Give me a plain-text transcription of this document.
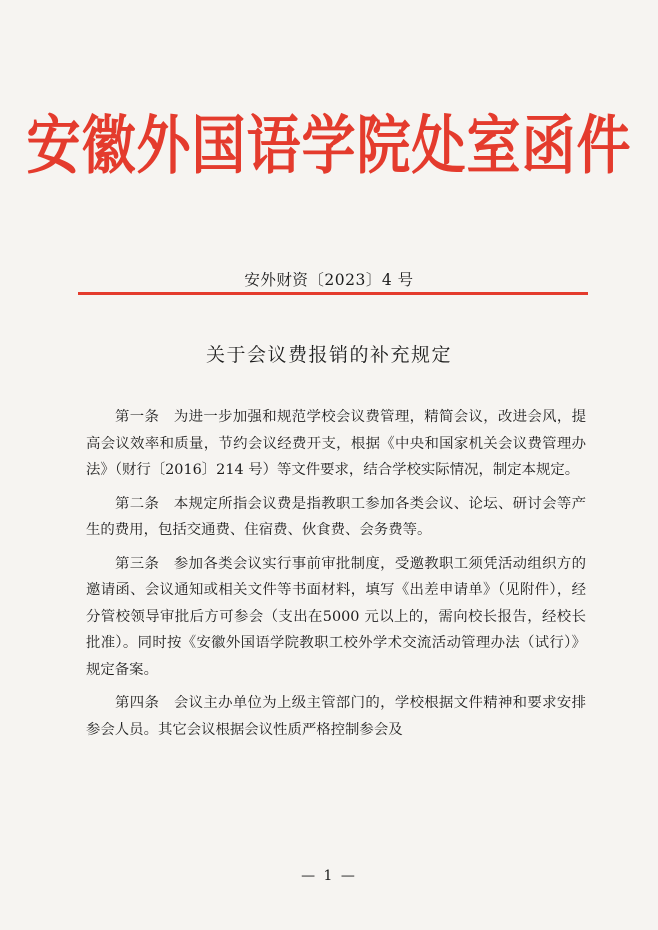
安徽外国语学院处室函件
安外财资〔2023〕4 号
关于会议费报销的补充规定

第一条　为进一步加强和规范学校会议费管理，精简会议，改进会风，提高会议效率和质量，节约会议经费开支，根据《中央和国家机关会议费管理办法》（财行〔2016〕214 号）等文件要求，结合学校实际情况，制定本规定。

第二条　本规定所指会议费是指教职工参加各类会议、论坛、研讨会等产生的费用，包括交通费、住宿费、伙食费、会务费等。

第三条　参加各类会议实行事前审批制度，受邀教职工须凭活动组织方的邀请函、会议通知或相关文件等书面材料，填写《出差申请单》（见附件），经分管校领导审批后方可参会（支出在5000 元以上的，需向校长报告，经校长批准）。同时按《安徽外国语学院教职工校外学术交流活动管理办法（试行）》规定备案。

第四条　会议主办单位为上级主管部门的，学校根据文件精神和要求安排参会人员。其它会议根据会议性质严格控制参会及

— 1 —
